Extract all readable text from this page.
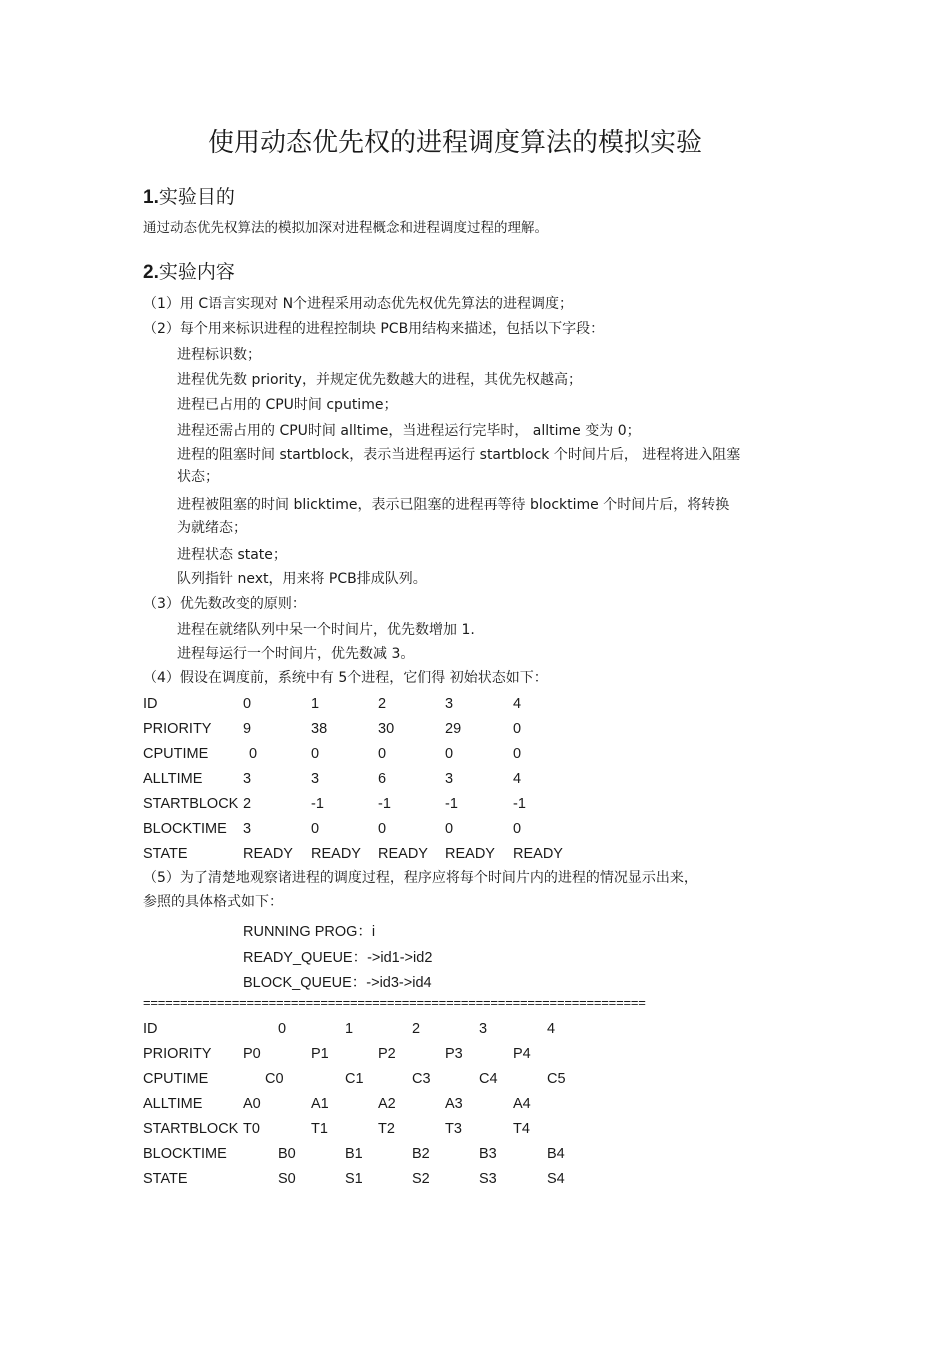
使用动态优先权的进程调度算法的模拟实验
1.实验目的
通过动态优先权算法的模拟加深对进程概念和进程调度过程的理解。
2.实验内容
（1）用 C语言实现对 N个进程采用动态优先权优先算法的进程调度；
（2）每个用来标识进程的进程控制块 PCB用结构来描述，包括以下字段：
进程标识数；
进程优先数 priority，并规定优先数越大的进程，其优先权越高；
进程已占用的 CPU时间 cputime；
进程还需占用的 CPU时间 alltime，当进程运行完毕时， alltime 变为 0；
进程的阻塞时间 startblock，表示当进程再运行 startblock 个时间片后， 进程将进入阻塞
状态；
进程被阻塞的时间 blicktime，表示已阻塞的进程再等待 blocktime 个时间片后，将转换
为就绪态；
进程状态 state；
队列指针 next，用来将 PCB排成队列。
（3）优先数改变的原则：
进程在就绪队列中呆一个时间片，优先数增加 1.
进程每运行一个时间片，优先数减 3。
（4）假设在调度前，系统中有 5个进程，它们得 初始状态如下：
ID	0	1	2	3	4
PRIORITY 9	38	30	29	0
CPUTIME	0	0	0	0	0
ALLTIME	3	3	6	3	4
STARTBLOCK 2	-1	-1	-1	-1
BLOCKTIME 3	0	0	0	0
STATE	READY READY READY READY READY
（5）为了清楚地观察诸进程的调度过程，程序应将每个时间片内的进程的情况显示出来，
参照的具体格式如下：
RUNNING PROG：i
READY_QUEUE：->id1->id2
BLOCK_QUEUE：->id3->id4
====================================================================
ID	0	1	2	3	4
PRIORITY P0	P1	P2	P3	P4
CPUTIME	C0	C1	C3	C4	C5
ALLTIME	A0	A1	A2	A3	A4
STARTBLOCK T0	T1	T2	T3	T4
BLOCKTIME	B0	B1	B2	B3	B4
STATE	S0	S1	S2	S3	S4
